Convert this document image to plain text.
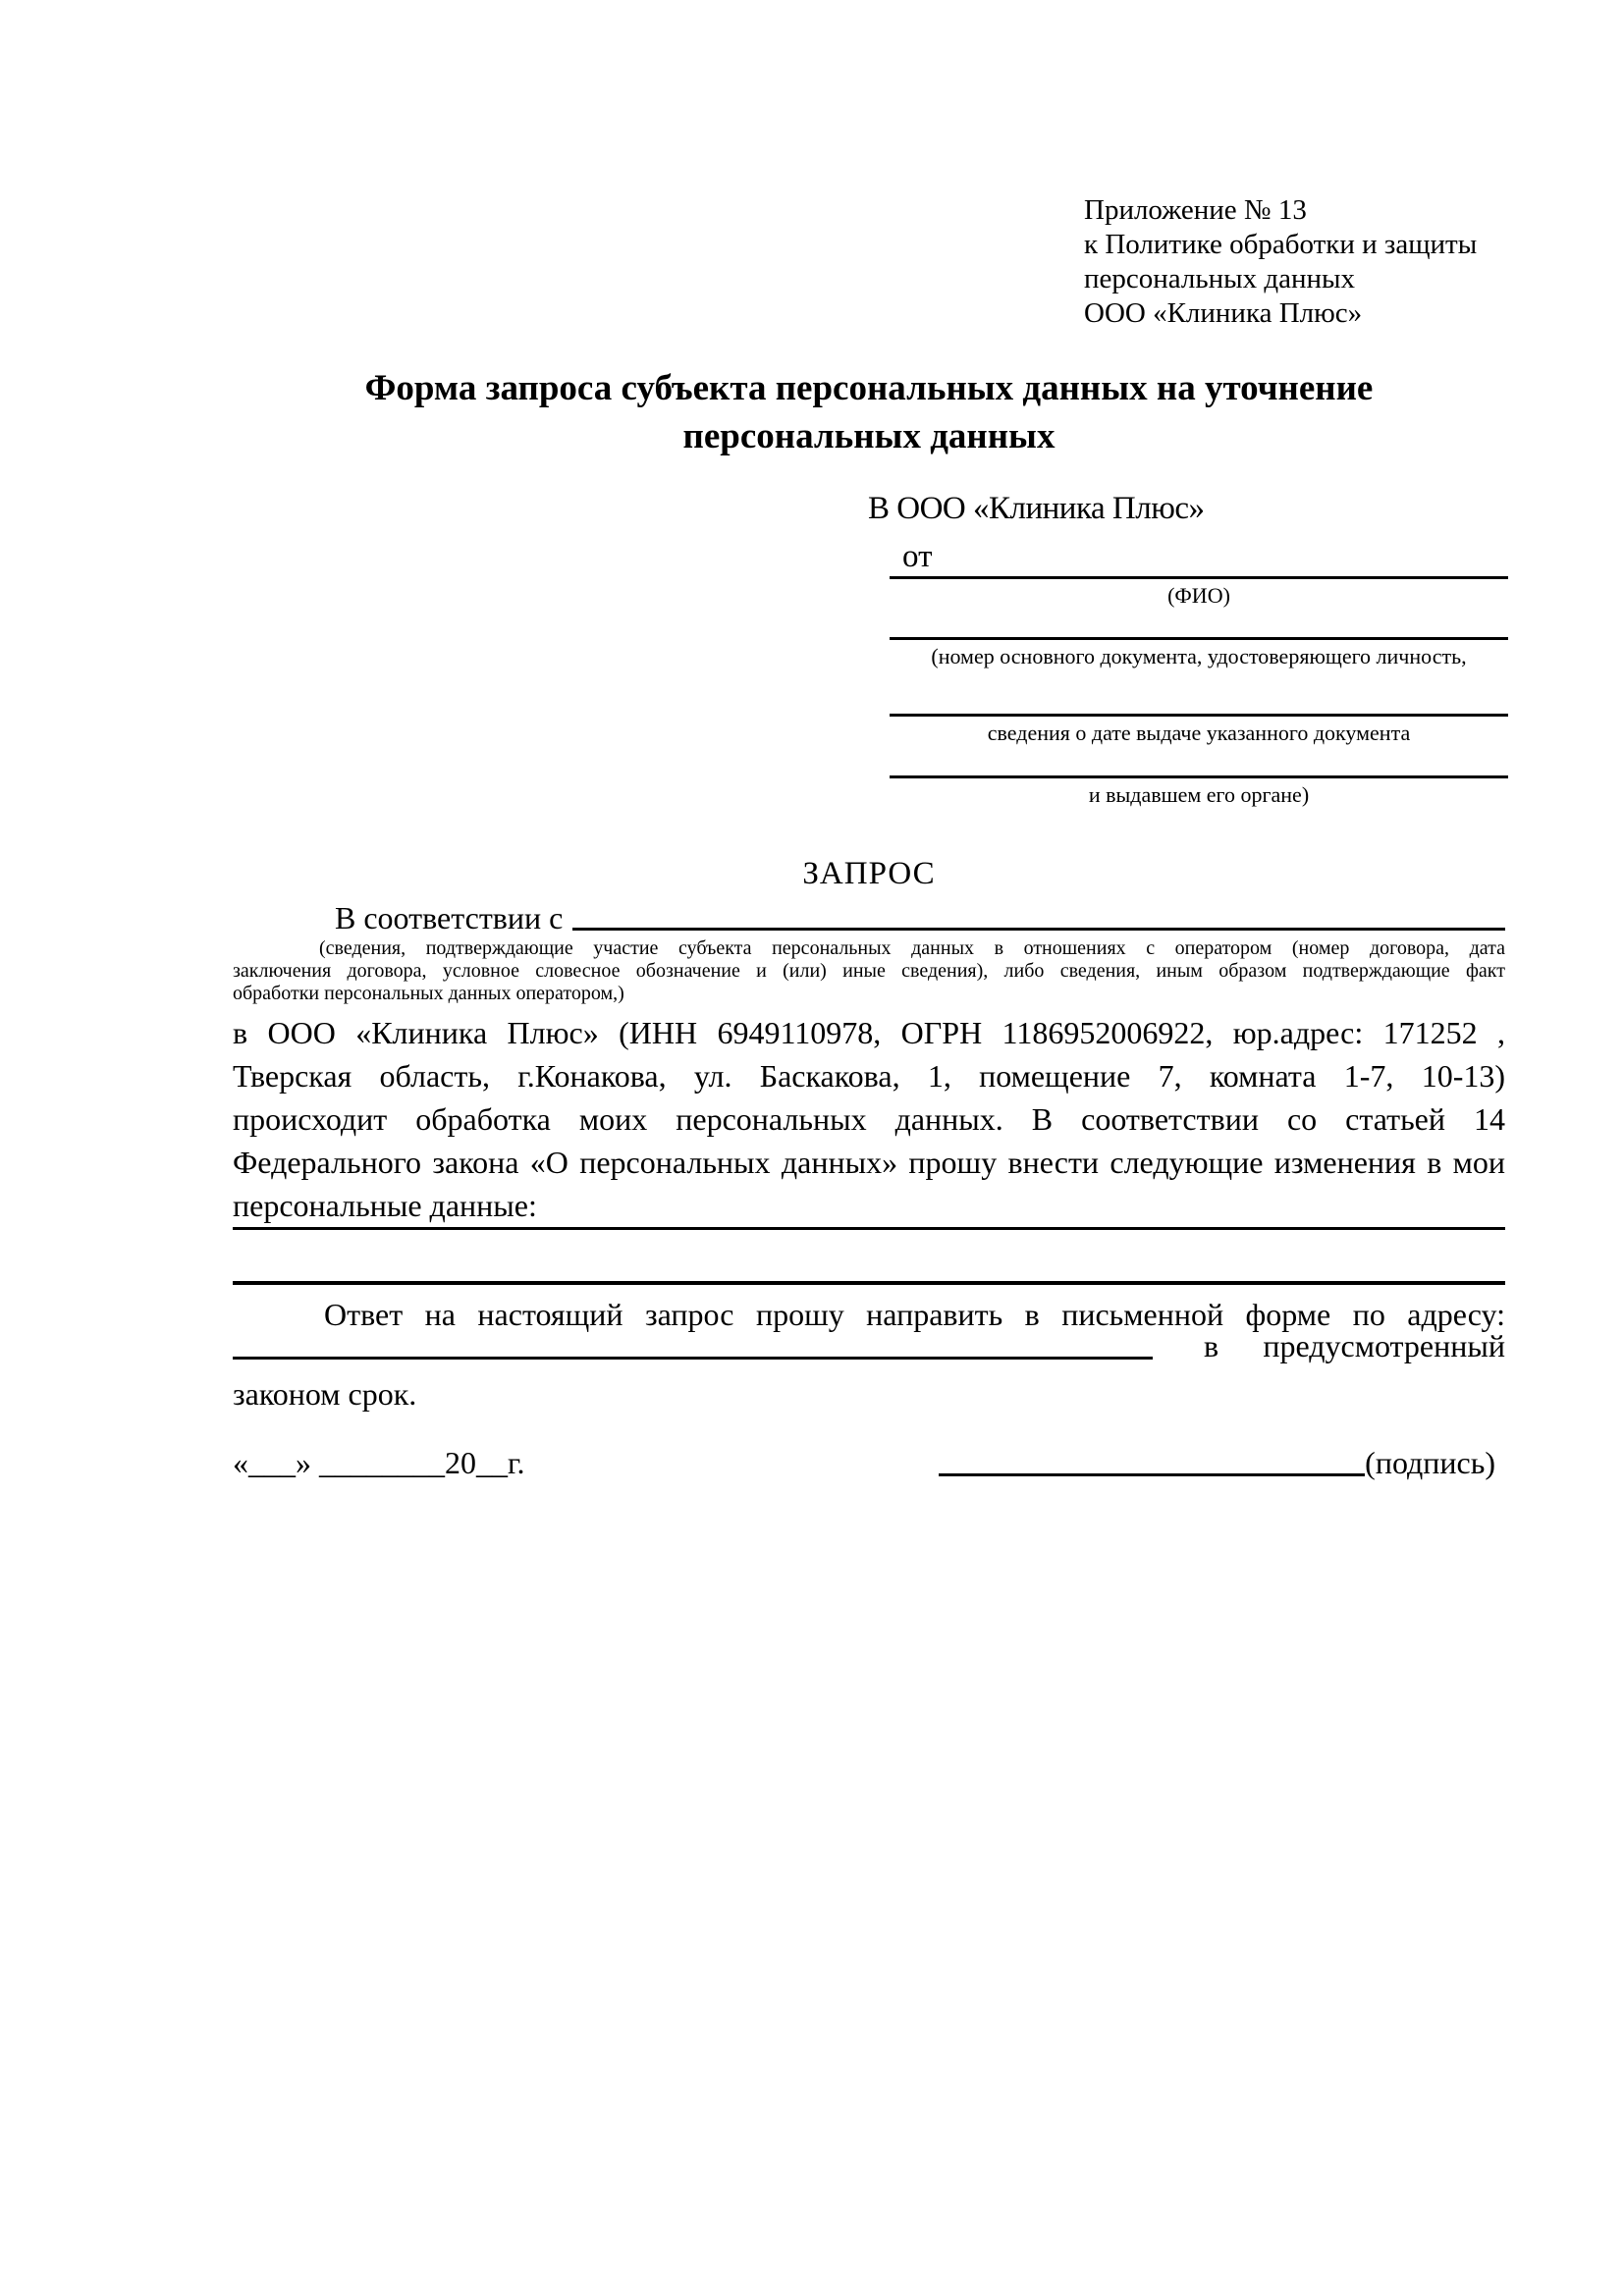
Приложение № 13
к Политике обработки и защиты
персональных данных
ООО «Клиника Плюс»
Форма запроса субъекта персональных данных на уточнение
персональных данных
В ООО «Клиника Плюс»
от
(ФИО)
(номер основного документа, удостоверяющего личность,
сведения о дате выдаче указанного документа
и выдавшем его органе)
ЗАПРОС
В соответствии с
(сведения, подтверждающие участие субъекта персональных данных в отношениях с оператором (номер договора, дата
заключения договора, условное словесное обозначение и (или) иные сведения), либо сведения, иным образом подтверждающие факт
обработки персональных данных оператором,)
в ООО «Клиника Плюс» (ИНН 6949110978, ОГРН 1186952006922, юр.адрес: 171252 ,
Тверская область, г.Конакова, ул. Баскакова, 1, помещение 7, комната 1-7, 10-13)
происходит обработка моих персональных данных. В соответствии со статьей 14
Федерального закона «О персональных данных» прошу внести следующие изменения в мои
персональные данные:
Ответ на настоящий запрос прошу направить в письменной форме по адресу:
в предусмотренный
законом срок.
«___» ________20__г.	(подпись)
